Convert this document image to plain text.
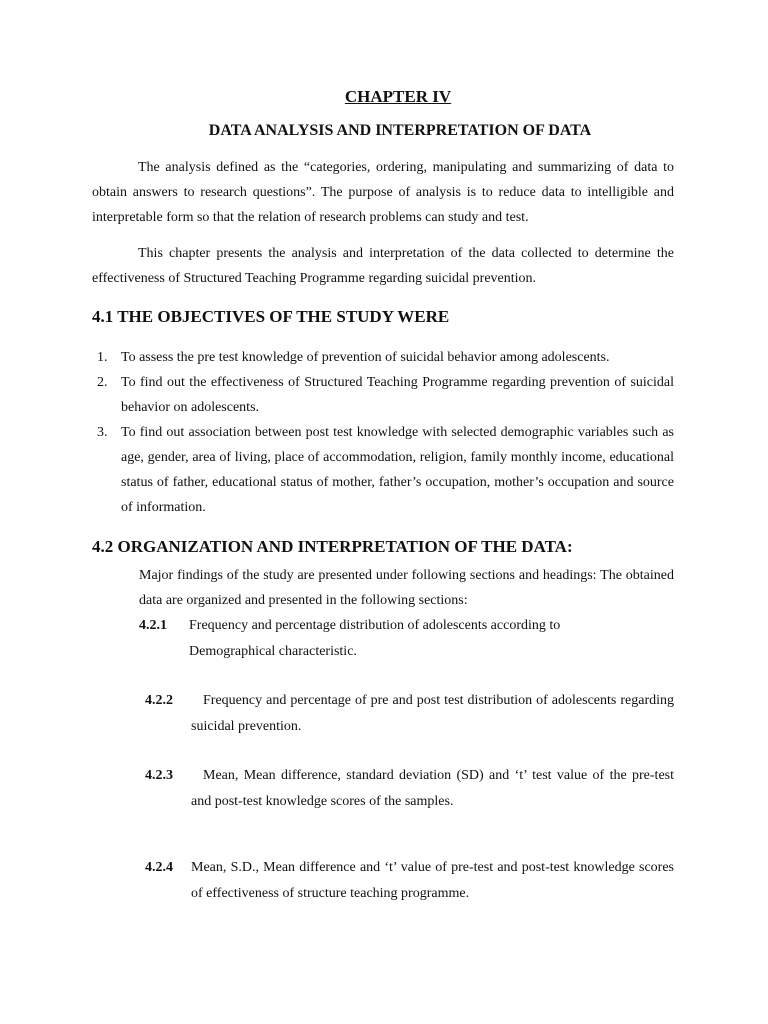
CHAPTER IV
DATA ANALYSIS AND INTERPRETATION OF DATA
The analysis defined as the “categories, ordering, manipulating and summarizing of data to obtain answers to research questions”. The purpose of analysis is to reduce data to intelligible and interpretable form so that the relation of research problems can study and test.
This chapter presents the analysis and interpretation of the data collected to determine the effectiveness of Structured Teaching Programme regarding suicidal prevention.
4.1 THE OBJECTIVES OF THE STUDY WERE
1. To assess the pre test knowledge of prevention of suicidal behavior among adolescents.
2. To find out the effectiveness of Structured Teaching Programme regarding prevention of suicidal behavior on adolescents.
3. To find out association between post test knowledge with selected demographic variables such as age, gender, area of living, place of accommodation, religion, family monthly income, educational status of father, educational status of mother, father’s occupation, mother’s occupation and source of information.
4.2 ORGANIZATION AND INTERPRETATION OF THE DATA:
Major findings of the study are presented under following sections and headings: The obtained data are organized and presented in the following sections:
4.2.1	Frequency and percentage distribution of adolescents according to Demographical characteristic.
4.2.2	Frequency and percentage of pre and post test distribution of adolescents regarding suicidal prevention.
4.2.3	Mean, Mean difference, standard deviation (SD) and ‘t’ test value of the pre-test and post-test knowledge scores of the samples.
4.2.4	Mean, S.D., Mean difference and ‘t’ value of pre-test and post-test knowledge scores of effectiveness of structure teaching programme.
